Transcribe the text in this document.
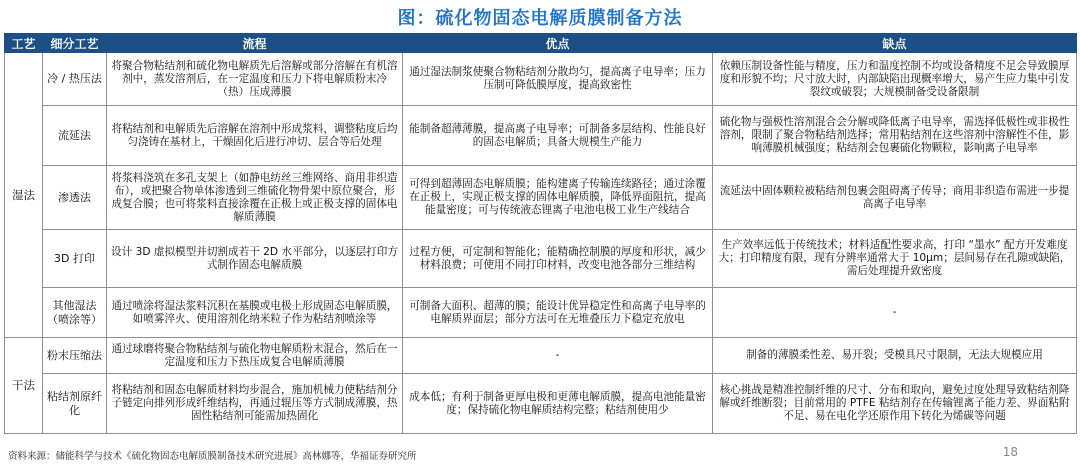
图：硫化物固态电解质膜制备方法
工艺	细分工艺	流程	优点	缺点
湿法	冷 / 热压法	将聚合物粘结剂和硫化物电解质先后溶解或部分溶解在有机溶剂中，蒸发溶剂后，在一定温度和压力下将电解质粉末冷（热）压成薄膜	通过湿法制浆使聚合物粘结剂分散均匀，提高离子电导率；压力压制可降低膜厚度，提高致密性	依赖压制设备性能与精度，压力和温度控制不均或设备精度不足会导致膜厚度和形貌不均；尺寸放大时，内部缺陷出现概率增大，易产生应力集中引发裂纹或破裂；大规模制备受设备限制
	流延法	将粘结剂和电解质先后溶解在溶剂中形成浆料，调整粘度后均匀浇铸在基材上，干燥固化后进行冲切、层合等后处理	能制备超薄薄膜，提高离子电导率；可制备多层结构、性能良好的固态电解质；具备大规模生产能力	硫化物与强极性溶剂混合会分解或降低离子电导率，需选择低极性或非极性溶剂，限制了聚合物粘结剂选择；常用粘结剂在这些溶剂中溶解性不佳，影响薄膜机械强度；粘结剂会包裹硫化物颗粒，影响离子电导率
	渗透法	将浆料浇筑在多孔支架上（如静电纺丝三维网络、商用非织造布），或把聚合物单体渗透到三维硫化物骨架中原位聚合，形成复合膜；也可将浆料直接涂覆在正极上或正极支撑的固体电解质薄膜	可得到超薄固态电解质膜；能构建离子传输连续路径；通过涂覆在正极上，实现正极支撑的固体电解质膜，降低界面阻抗，提高能量密度；可与传统液态锂离子电池电极工业生产线结合	流延法中固体颗粒被粘结剂包裹会阻碍离子传导；商用非织造布需进一步提高离子电导率
	3D 打印	设计 3D 虚拟模型并切割成若干 2D 水平部分，以逐层打印方式制作固态电解质膜	过程方便，可定制和智能化；能精确控制膜的厚度和形状，减少材料浪费；可使用不同打印材料，改变电池各部分三维结构	生产效率远低于传统技术；材料适配性要求高，打印 “墨水” 配方开发难度大；打印精度有限，现有分辨率通常大于 10μm；层间易存在孔隙或缺陷，需后处理提升致密度
	其他湿法（喷涂等）	通过喷涂将湿法浆料沉积在基膜或电极上形成固态电解质膜，如喷雾淬火、使用溶剂化纳米粒子作为粘结剂喷涂等	可制备大面积、超薄的膜；能设计优异稳定性和高离子电导率的电解质界面层；部分方法可在无堆叠压力下稳定充放电	-
干法	粉末压缩法	通过球磨将聚合物粘结剂与硫化物电解质粉末混合，然后在一定温度和压力下热压成复合电解质薄膜	-	制备的薄膜柔性差、易开裂；受模具尺寸限制，无法大规模应用
	粘结剂原纤化	将粘结剂和固态电解质材料均步混合，施加机械力使粘结剂分子链定向排列形成纤维结构，再通过辊压等方式制成薄膜，热固性粘结剂可能需加热固化	成本低；有利于制备更厚电极和更薄电解质膜，提高电池能量密度；保持硫化物电解质结构完整；粘结剂使用少	核心挑战是精准控制纤维的尺寸、分布和取向，避免过度处理导致粘结剂降解或纤维断裂；目前常用的 PTFE 粘结剂存在传输锂离子能力差、界面粘附不足、易在电化学还原作用下转化为烯碳等问题
资料来源：储能科学与技术《硫化物固态电解质膜制备技术研究进展》高林娜等，华福证券研究所	18
